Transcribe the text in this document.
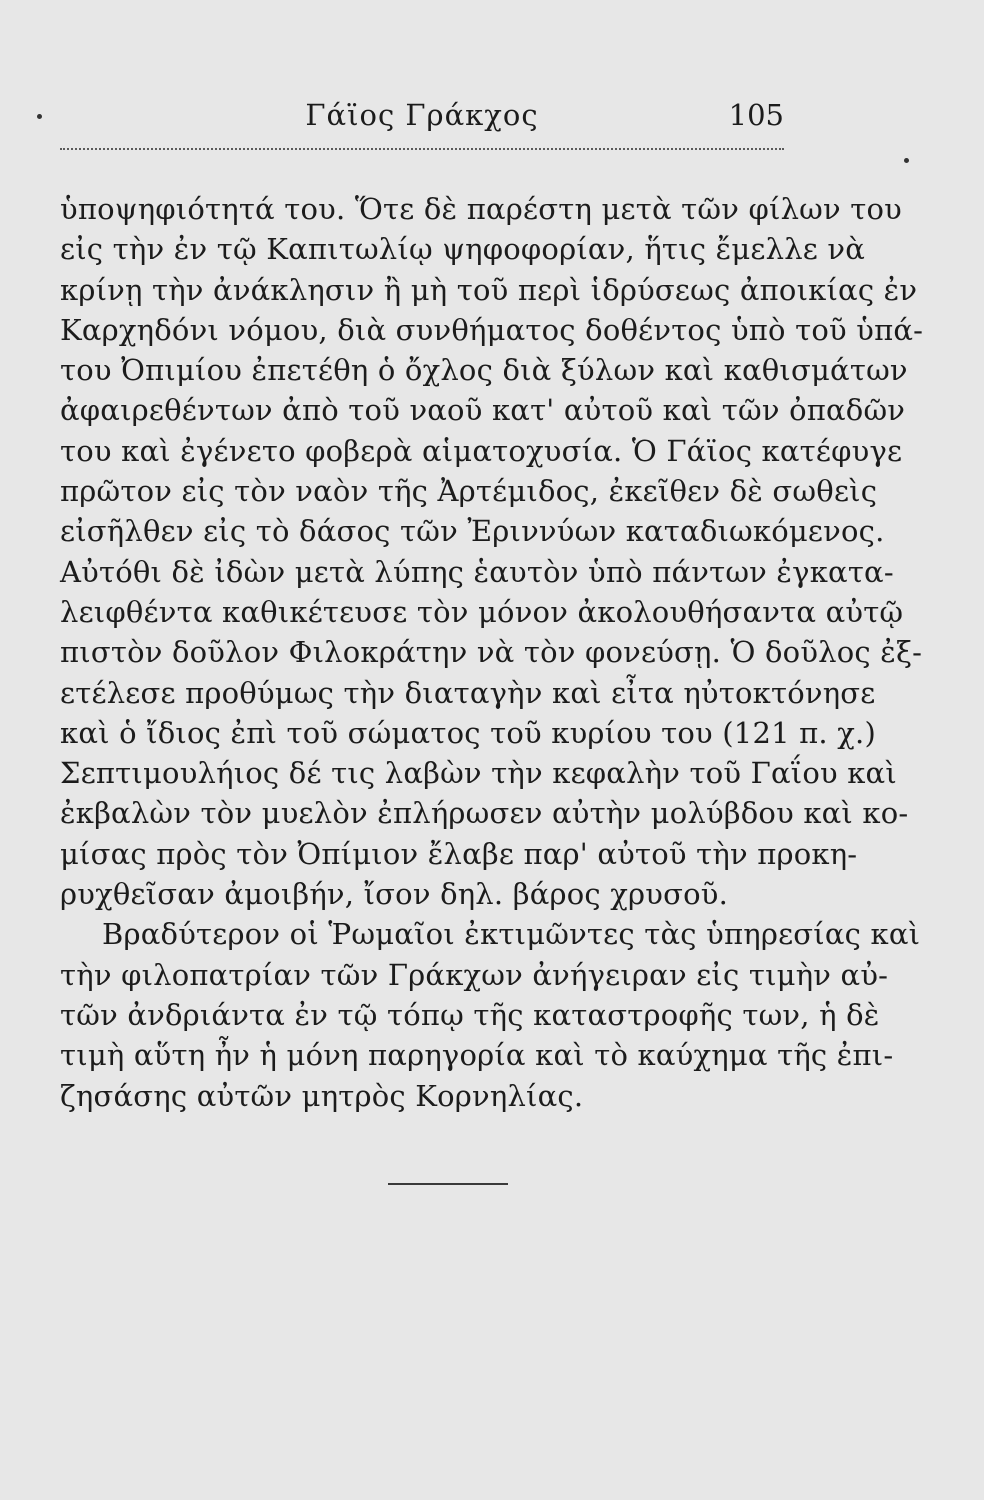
Γάϊος Γράκχος	105
ὑποψηφιότητά του. Ὅτε δὲ παρέστη μετὰ τῶν φίλων του
εἰς τὴν ἐν τῷ Καπιτωλίῳ ψηφοφορίαν, ἥτις ἔμελλε νὰ
κρίνῃ τὴν ἀνάκλησιν ἢ μὴ τοῦ περὶ ἱδρύσεως ἀποικίας ἐν
Καρχηδόνι νόμου, διὰ συνθήματος δοθέντος ὑπὸ τοῦ ὑπά-
του Ὀπιμίου ἐπετέθη ὁ ὄχλος διὰ ξύλων καὶ καθισμάτων
ἀφαιρεθέντων ἀπὸ τοῦ ναοῦ κατ' αὐτοῦ καὶ τῶν ὀπαδῶν
του καὶ ἐγένετο φοβερὰ αἱματοχυσία. Ὁ Γάϊος κατέφυγε
πρῶτον εἰς τὸν ναὸν τῆς Ἀρτέμιδος, ἐκεῖθεν δὲ σωθεὶς
εἰσῆλθεν εἰς τὸ δάσος τῶν Ἐριννύων καταδιωκόμενος.
Αὐτόθι δὲ ἰδὼν μετὰ λύπης ἑαυτὸν ὑπὸ πάντων ἐγκατα-
λειφθέντα καθικέτευσε τὸν μόνον ἀκολουθήσαντα αὐτῷ
πιστὸν δοῦλον Φιλοκράτην νὰ τὸν φονεύσῃ. Ὁ δοῦλος ἐξ-
ετέλεσε προθύμως τὴν διαταγὴν καὶ εἶτα ηὐτοκτόνησε
καὶ ὁ ἴδιος ἐπὶ τοῦ σώματος τοῦ κυρίου του (121 π. χ.)
Σεπτιμουλήιος δέ τις λαβὼν τὴν κεφαλὴν τοῦ Γαΐου καὶ
ἐκβαλὼν τὸν μυελὸν ἐπλήρωσεν αὐτὴν μολύβδου καὶ κο-
μίσας πρὸς τὸν Ὀπίμιον ἔλαβε παρ' αὐτοῦ τὴν προκη-
ρυχθεῖσαν ἀμοιβήν, ἴσον δηλ. βάρος χρυσοῦ.
Βραδύτερον οἱ Ῥωμαῖοι ἐκτιμῶντες τὰς ὑπηρεσίας καὶ
τὴν φιλοπατρίαν τῶν Γράκχων ἀνήγειραν εἰς τιμὴν αὐ-
τῶν ἀνδριάντα ἐν τῷ τόπῳ τῆς καταστροφῆς των, ἡ δὲ
τιμὴ αὕτη ἦν ἡ μόνη παρηγορία καὶ τὸ καύχημα τῆς ἐπι-
ζησάσης αὐτῶν μητρὸς Κορνηλίας.
